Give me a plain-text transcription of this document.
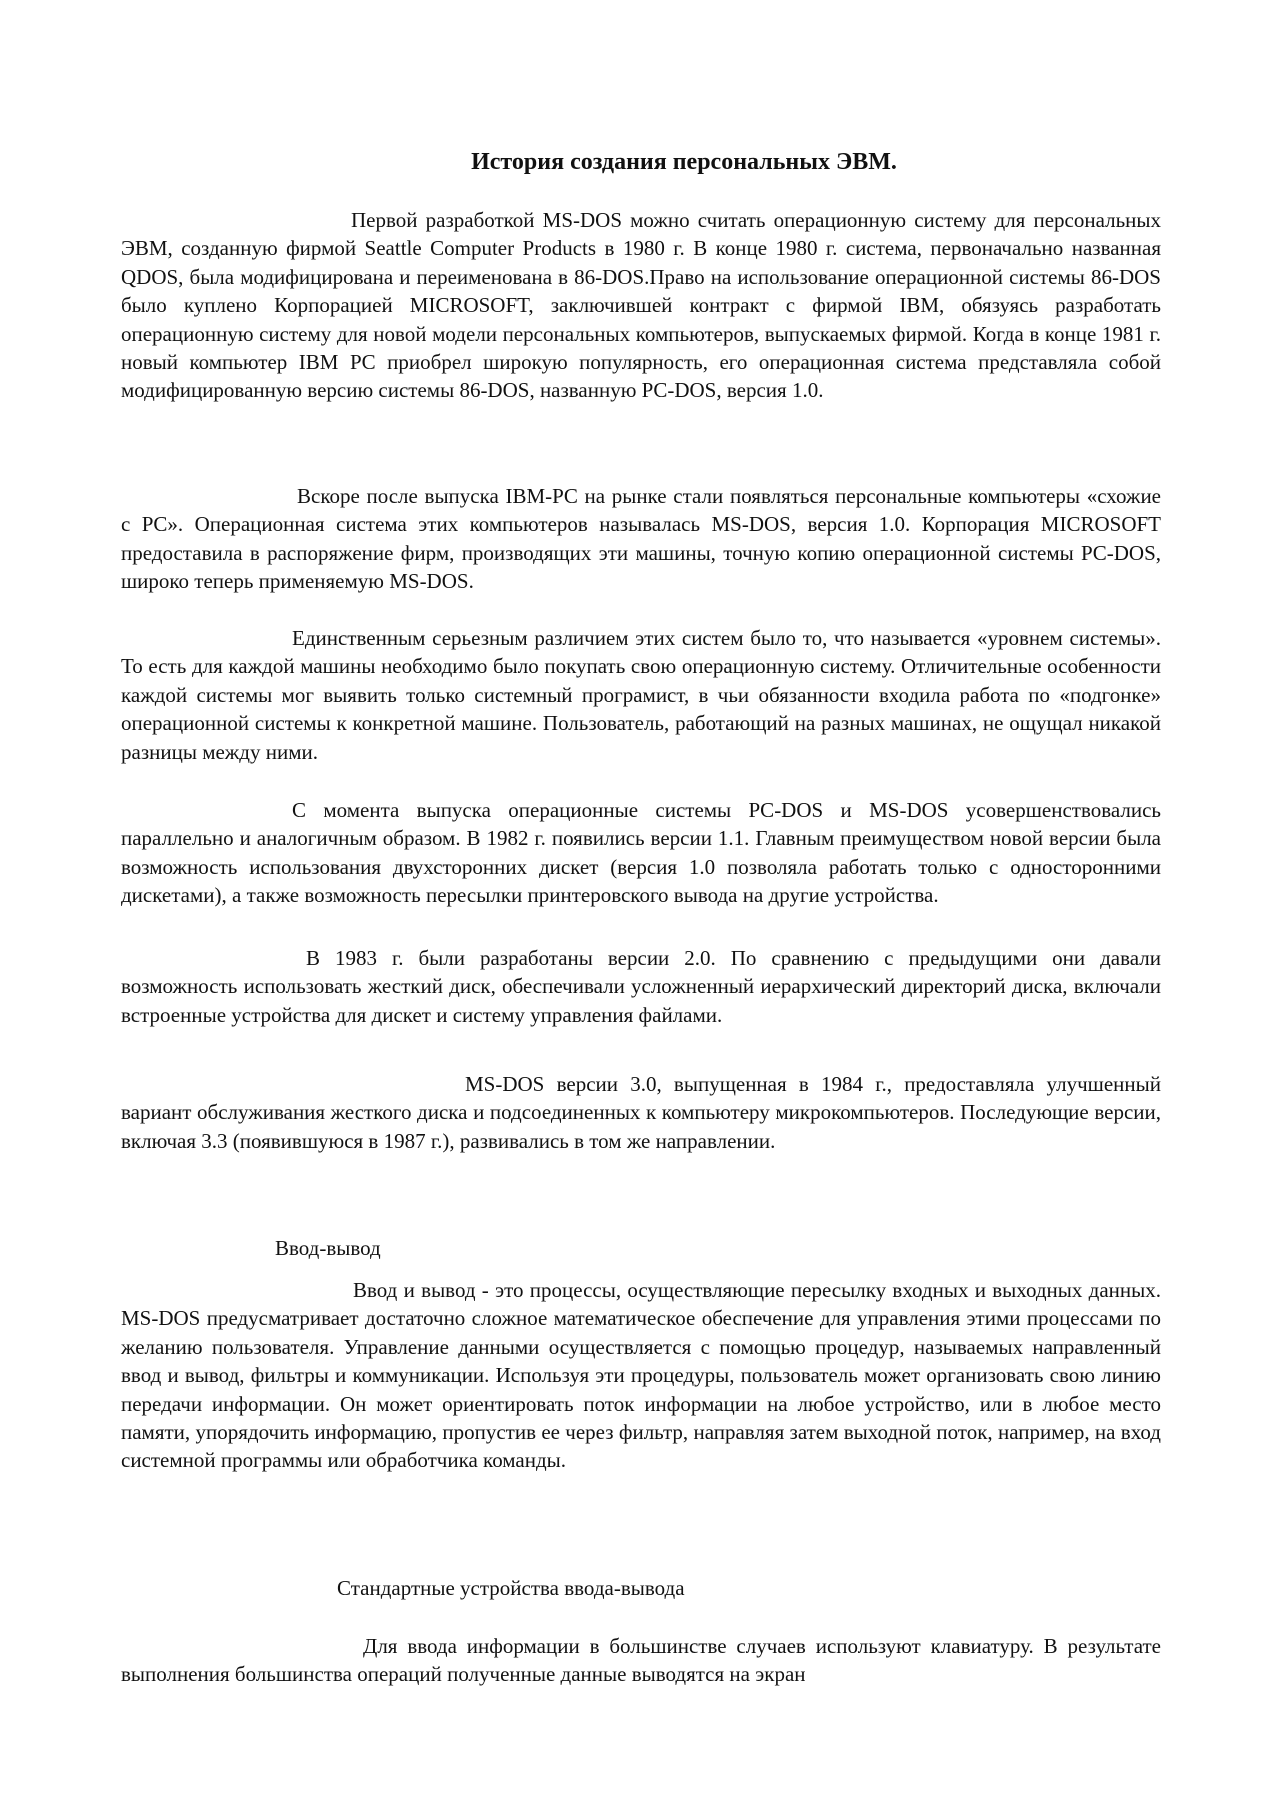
История создания персональных ЭВМ.

Первой разработкой MS-DOS можно считать операционную систему для персональных ЭВМ, созданную фирмой Seattle Computer Products в 1980 г. В конце 1980 г. система, первоначально названная QDOS, была модифицирована и переименована в 86-DOS.Право на использование операционной системы 86-DOS было куплено Корпорацией MICROSOFT, заключившей контракт с фирмой IBM, обязуясь разработать операционную систему для новой модели персональных компьютеров, выпускаемых фирмой. Когда в конце 1981 г. новый компьютер IBM PC приобрел широкую популярность, его операционная система представляла собой модифицированную версию системы 86-DOS, названную PC-DOS, версия 1.0.

Вскоре после выпуска IBM-PC на рынке стали появляться персональные компьютеры «схожие с PC». Операционная система этих компьютеров называлась MS-DOS, версия 1.0. Корпорация MICROSOFT предоставила в распоряжение фирм, производящих эти машины, точную копию операционной системы PC-DOS, широко теперь применяемую MS-DOS.

Единственным серьезным различием этих систем было то, что называется «уровнем системы». То есть для каждой машины необходимо было покупать свою операционную систему. Отличительные особенности каждой системы мог выявить только системный програмист, в чьи обязанности входила работа по «подгонке» операционной системы к конкретной машине. Пользователь, работающий на разных машинах, не ощущал никакой разницы между ними.

С момента выпуска операционные системы PC-DOS и MS-DOS усовершенствовались параллельно и аналогичным образом. В 1982 г. появились версии 1.1. Главным преимуществом новой версии была возможность использования двухсторонних дискет (версия 1.0 позволяла работать только с односторонними дискетами), а также возможность пересылки принтеровского вывода на другие устройства.

В 1983 г. были разработаны версии 2.0. По сравнению с предыдущими они давали возможность использовать жесткий диск, обеспечивали усложненный иерархический директорий диска, включали встроенные устройства для дискет и систему управления файлами.

MS-DOS версии 3.0, выпущенная в 1984 г., предоставляла улучшенный вариант обслуживания жесткого диска и подсоединенных к компьютеру микрокомпьютеров. Последующие версии, включая 3.3 (появившуюся в 1987 г.), развивались в том же направлении.

Ввод-вывод

Ввод и вывод - это процессы, осуществляющие пересылку входных и выходных данных. MS-DOS предусматривает достаточно сложное математическое обеспечение для управления этими процессами по желанию пользователя. Управление данными осуществляется с помощью процедур, называемых направленный ввод и вывод, фильтры и коммуникации. Используя эти процедуры, пользователь может организовать свою линию передачи информации. Он может ориентировать поток информации на любое устройство, или в любое место памяти, упорядочить информацию, пропустив ее через фильтр, направляя затем выходной поток, например, на вход системной программы или обработчика команды.

Стандартные устройства ввода-вывода

Для ввода информации в большинстве случаев используют клавиатуру. В результате выполнения большинства операций полученные данные выводятся на экран
